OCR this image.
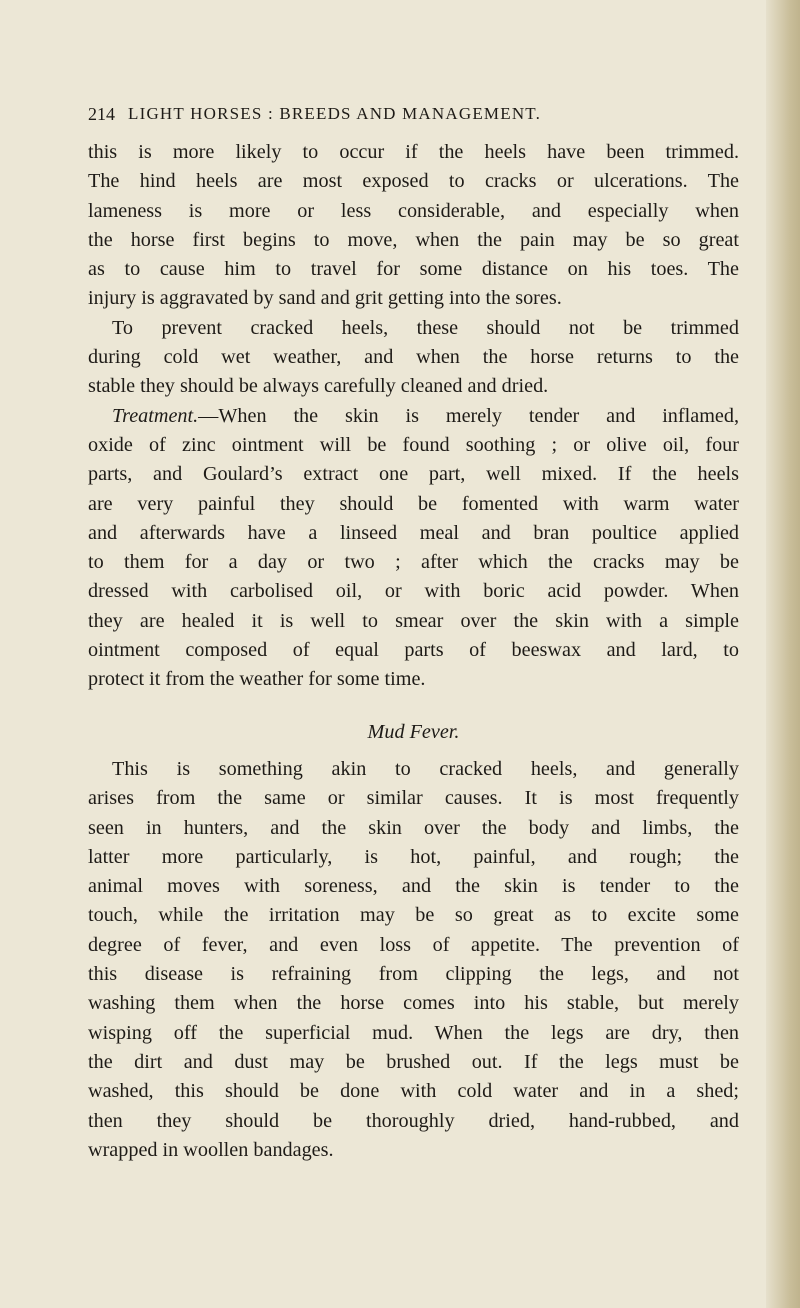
214 LIGHT HORSES : BREEDS AND MANAGEMENT.
this is more likely to occur if the heels have been trimmed.
The hind heels are most exposed to cracks or ulcerations. The
lameness is more or less considerable, and especially when
the horse first begins to move, when the pain may be so great
as to cause him to travel for some distance on his toes. The
injury is aggravated by sand and grit getting into the sores.
To prevent cracked heels, these should not be trimmed
during cold wet weather, and when the horse returns to the
stable they should be always carefully cleaned and dried.
Treatment.—When the skin is merely tender and inflamed,
oxide of zinc ointment will be found soothing ; or olive oil, four
parts, and Goulard’s extract one part, well mixed. If the heels
are very painful they should be fomented with warm water
and afterwards have a linseed meal and bran poultice applied
to them for a day or two ; after which the cracks may be
dressed with carbolised oil, or with boric acid powder. When
they are healed it is well to smear over the skin with a simple
ointment composed of equal parts of beeswax and lard, to
protect it from the weather for some time.
Mud Fever.
This is something akin to cracked heels, and generally
arises from the same or similar causes. It is most frequently
seen in hunters, and the skin over the body and limbs, the
latter more particularly, is hot, painful, and rough; the
animal moves with soreness, and the skin is tender to the
touch, while the irritation may be so great as to excite some
degree of fever, and even loss of appetite. The prevention of
this disease is refraining from clipping the legs, and not
washing them when the horse comes into his stable, but merely
wisping off the superficial mud. When the legs are dry, then
the dirt and dust may be brushed out. If the legs must be
washed, this should be done with cold water and in a shed;
then they should be thoroughly dried, hand-rubbed, and
wrapped in woollen bandages.
